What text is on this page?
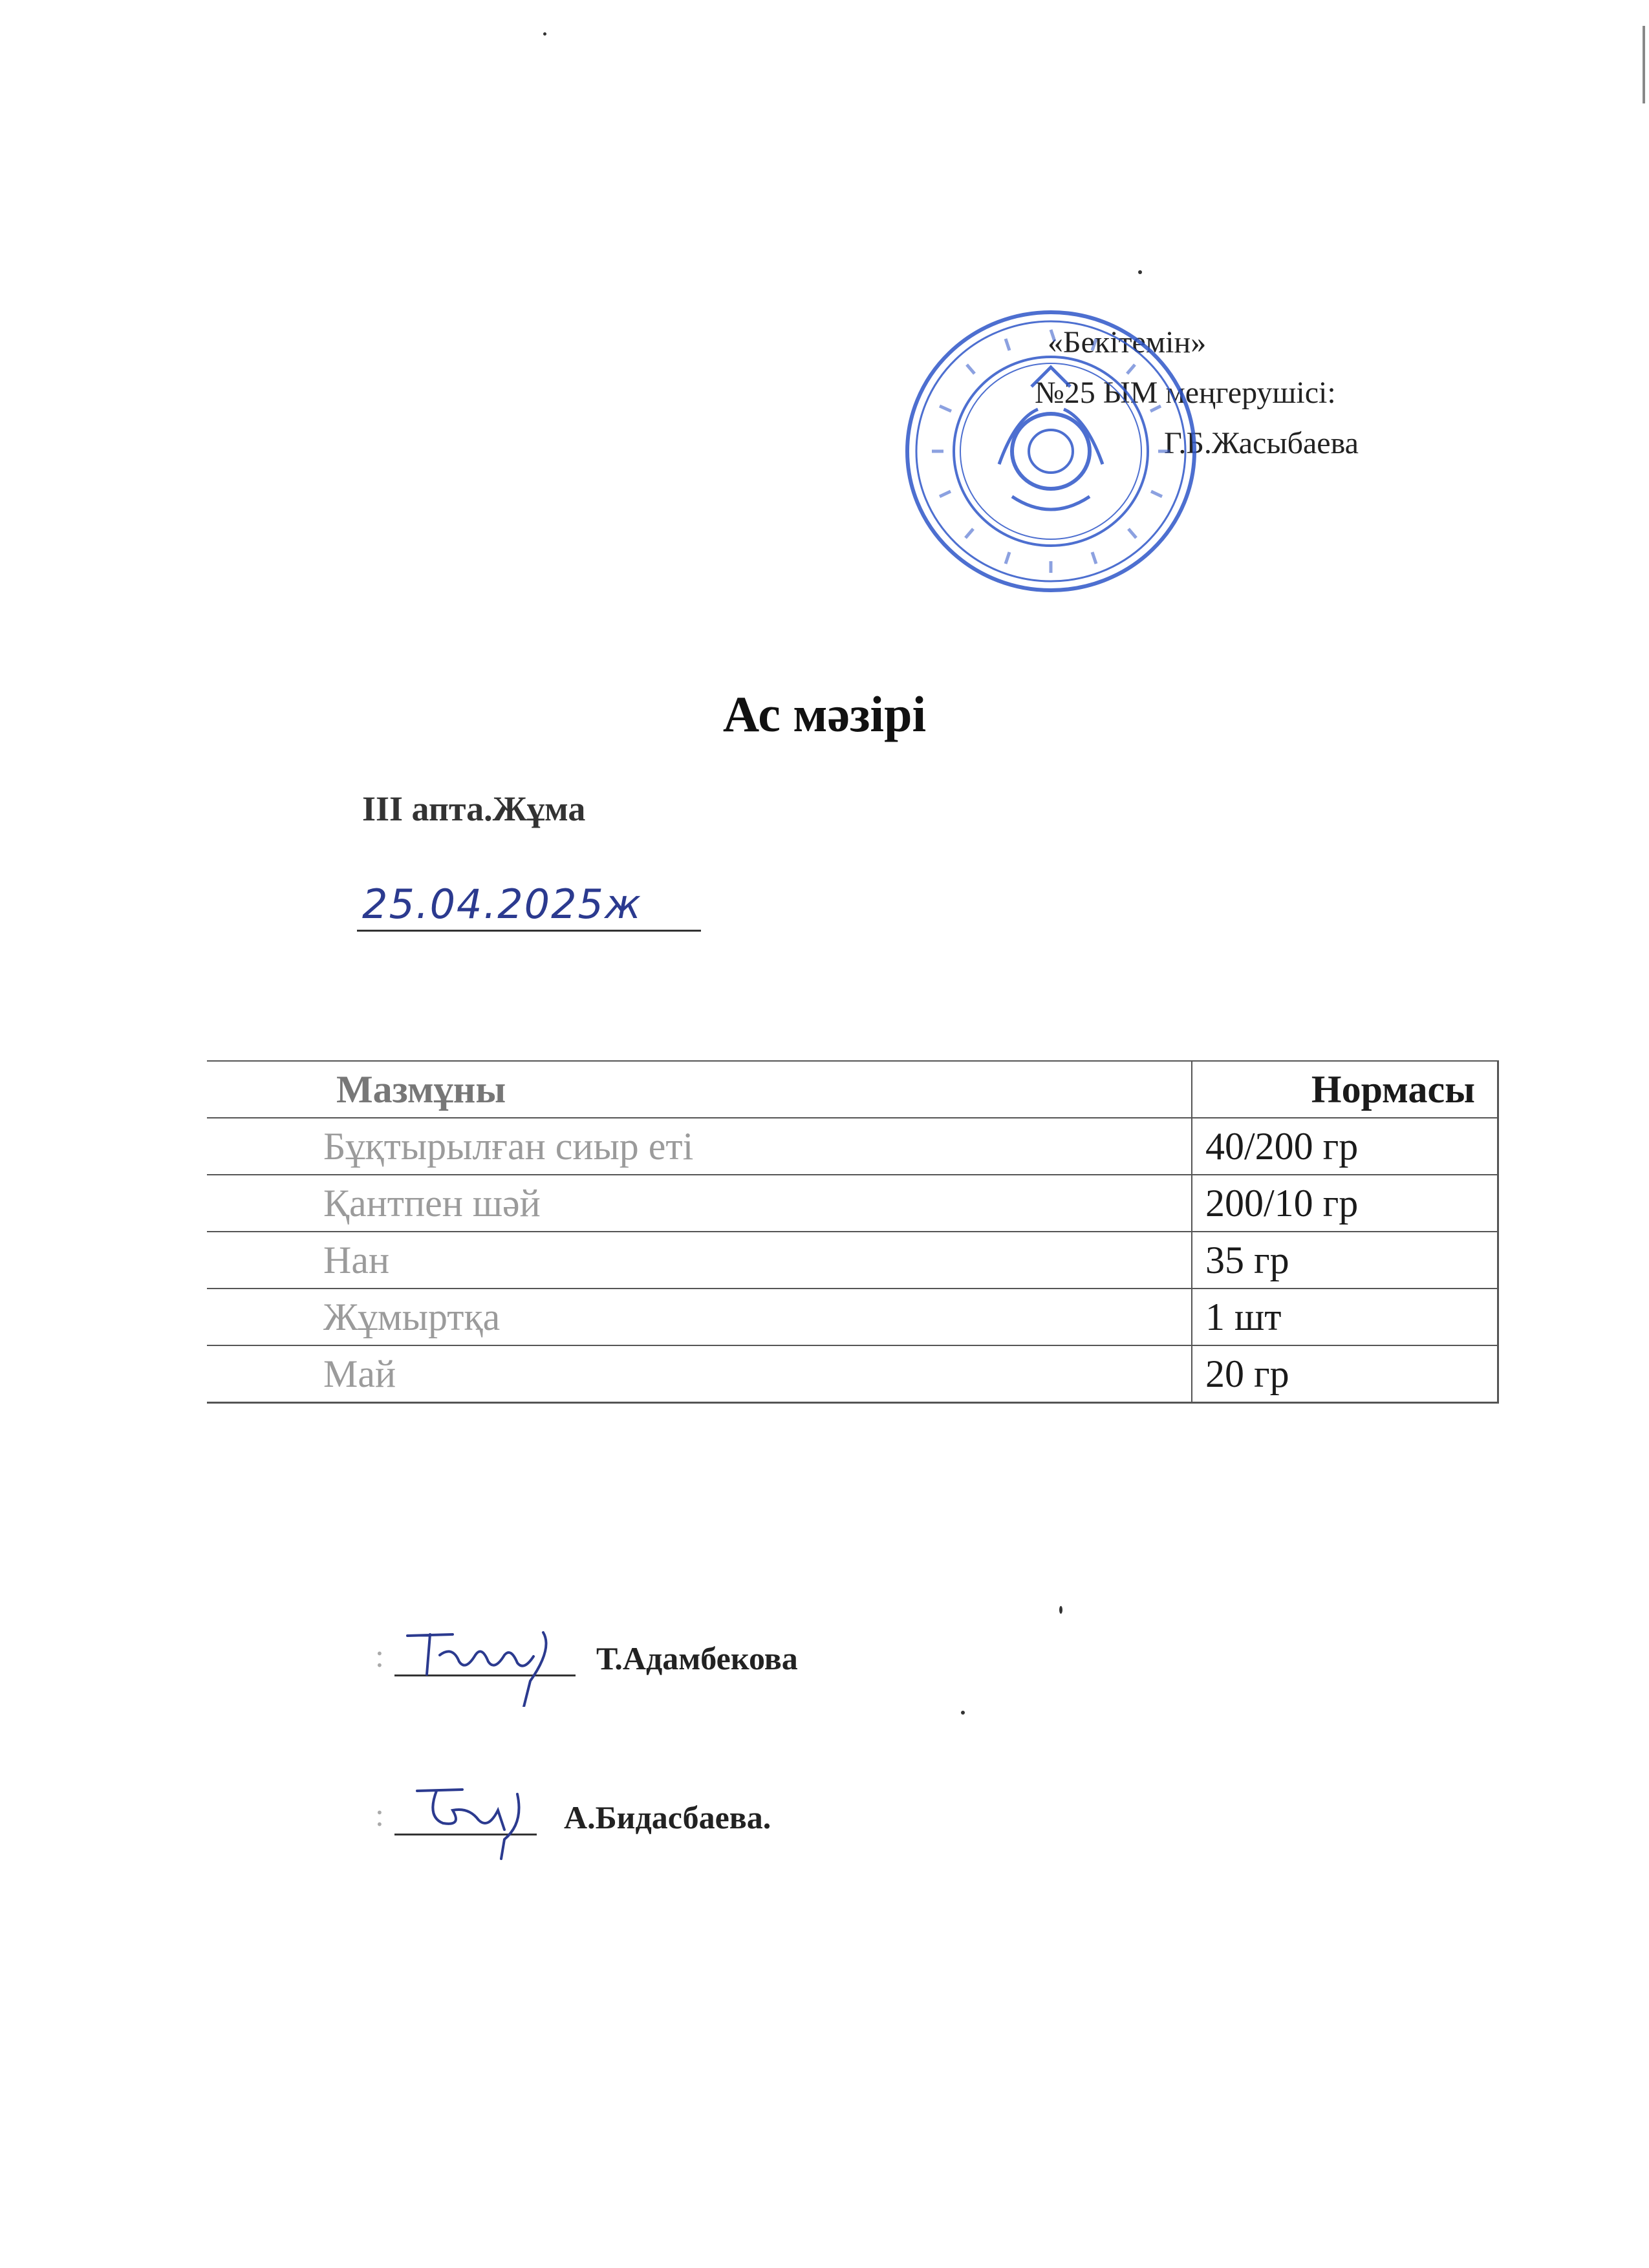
«Бекітемін»
№25 ЫМ меңгерушісі:
Г.Б.Жасыбаева
Ас мәзірі
III апта.Жұма
25.04.2025ж
Мазмұны	Нормасы
Бұқтырылған сиыр еті	40/200 гр
Қантпен шәй	200/10 гр
Нан	35 гр
Жұмыртқа	1 шт
Май	20 гр
:	Т.Адамбекова
:	А.Бидасбаева.
